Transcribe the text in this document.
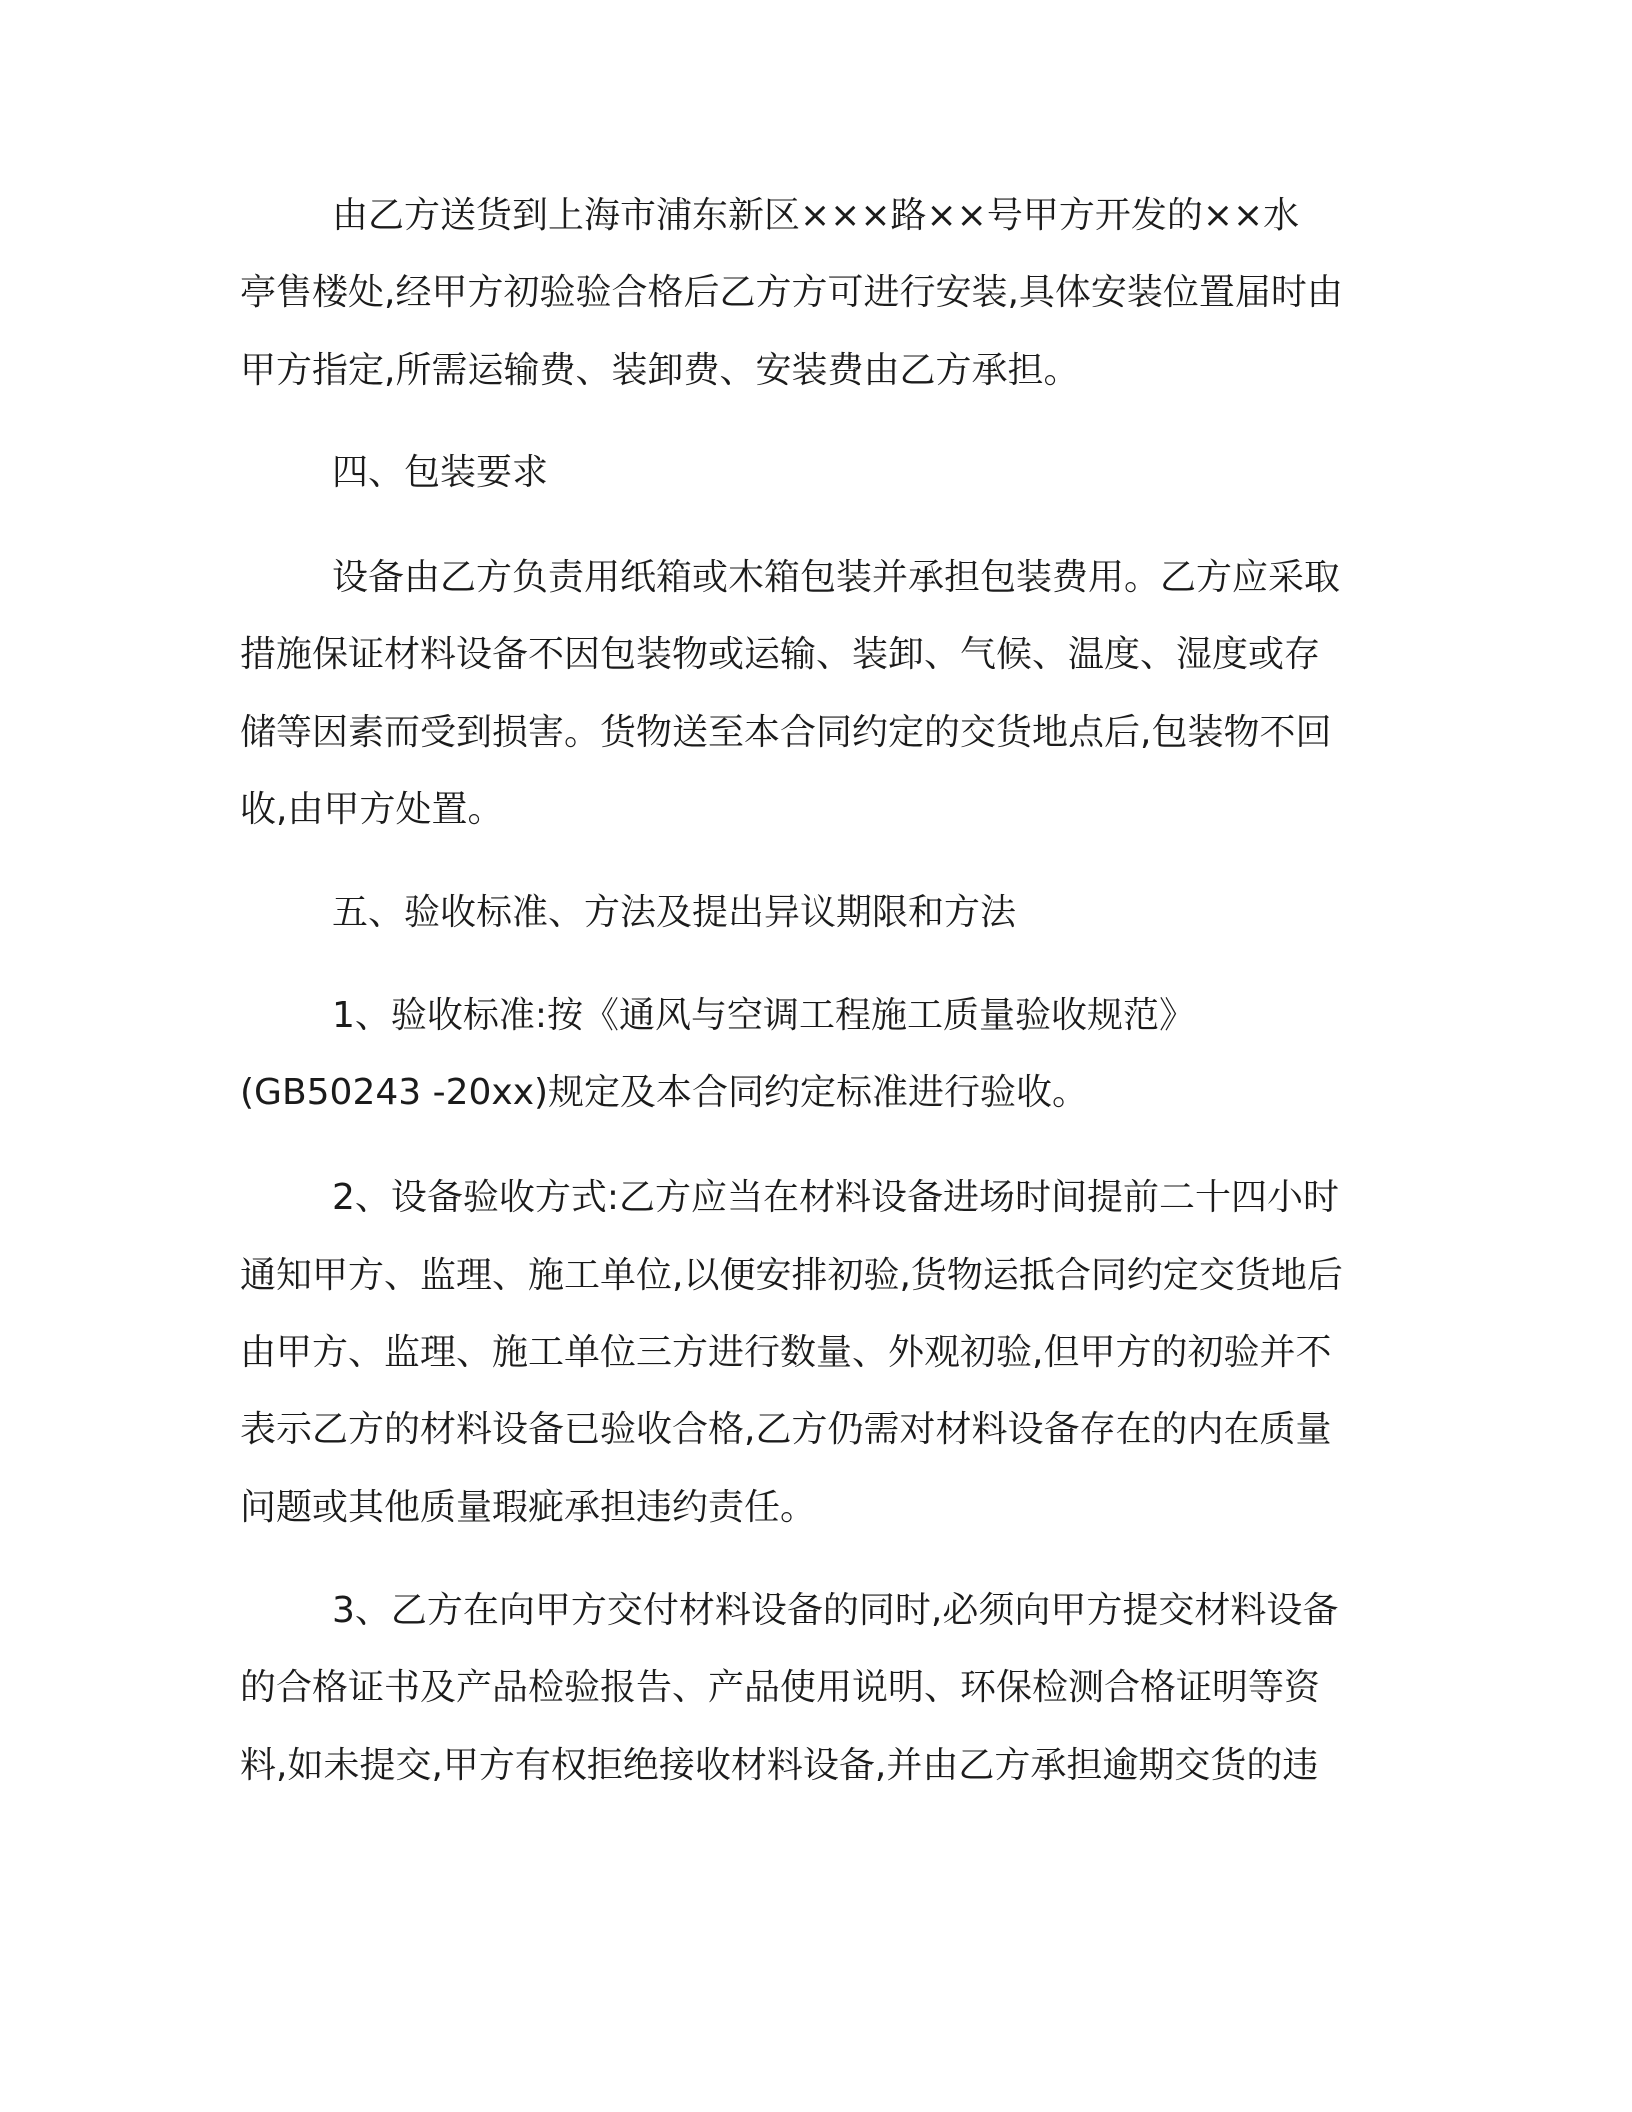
由乙方送货到上海市浦东新区×××路××号甲方开发的××水

亭售楼处,经甲方初验验合格后乙方方可进行安装,具体安装位置届时由

甲方指定,所需运输费、装卸费、安装费由乙方承担。

四、包装要求

设备由乙方负责用纸箱或木箱包装并承担包装费用。乙方应采取

措施保证材料设备不因包装物或运输、装卸、气候、温度、湿度或存

储等因素而受到损害。货物送至本合同约定的交货地点后,包装物不回

收,由甲方处置。

五、验收标准、方法及提出异议期限和方法

1、验收标准:按《通风与空调工程施工质量验收规范》

(GB50243 -20xx)规定及本合同约定标准进行验收。

2、设备验收方式:乙方应当在材料设备进场时间提前二十四小时

通知甲方、监理、施工单位,以便安排初验,货物运抵合同约定交货地后

由甲方、监理、施工单位三方进行数量、外观初验,但甲方的初验并不

表示乙方的材料设备已验收合格,乙方仍需对材料设备存在的内在质量

问题或其他质量瑕疵承担违约责任。

3、乙方在向甲方交付材料设备的同时,必须向甲方提交材料设备

的合格证书及产品检验报告、产品使用说明、环保检测合格证明等资

料,如未提交,甲方有权拒绝接收材料设备,并由乙方承担逾期交货的违
